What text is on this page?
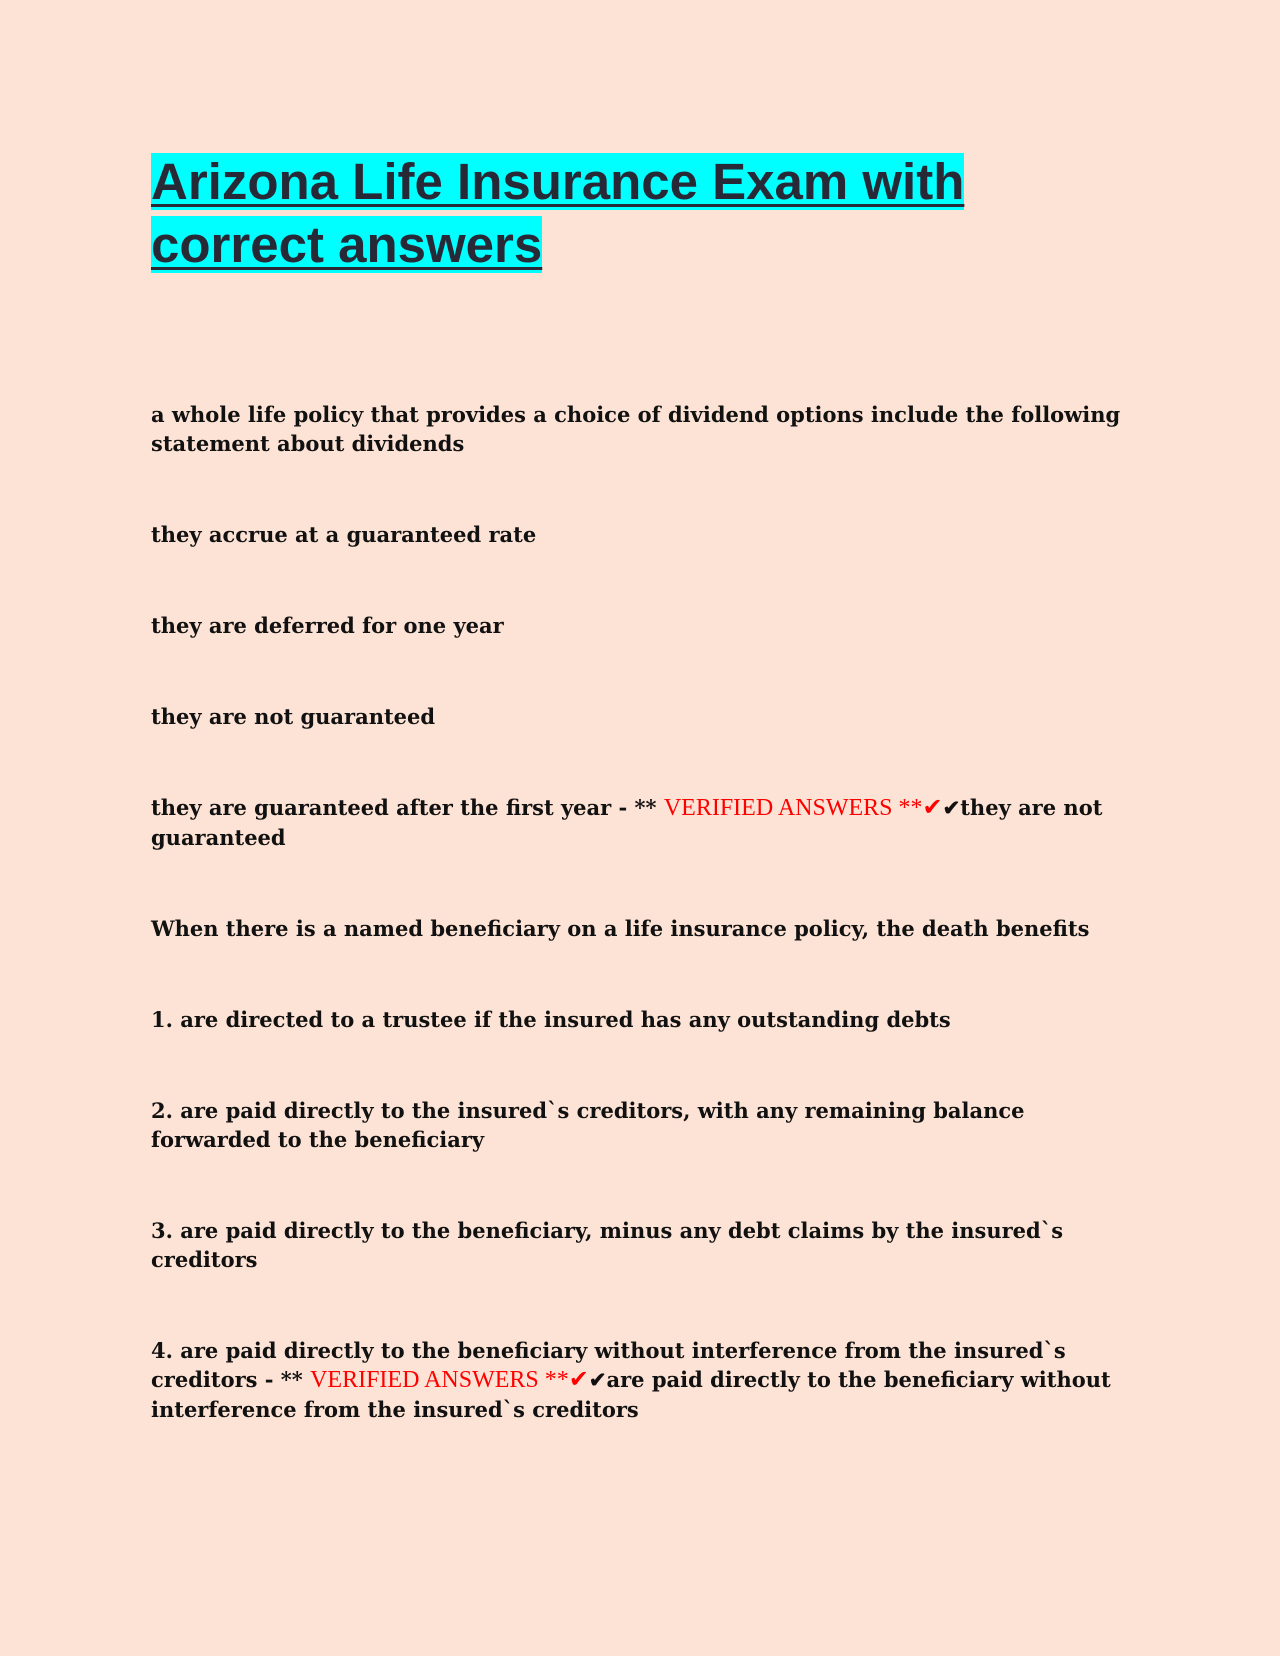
Arizona Life Insurance Exam with correct answers

a whole life policy that provides a choice of dividend options include the following statement about dividends

they accrue at a guaranteed rate

they are deferred for one year

they are not guaranteed

they are guaranteed after the first year - ** VERIFIED ANSWERS **✔✔they are not guaranteed

When there is a named beneficiary on a life insurance policy, the death benefits

1. are directed to a trustee if the insured has any outstanding debts

2. are paid directly to the insured`s creditors, with any remaining balance forwarded to the beneficiary

3. are paid directly to the beneficiary, minus any debt claims by the insured`s creditors

4. are paid directly to the beneficiary without interference from the insured`s creditors - ** VERIFIED ANSWERS **✔✔are paid directly to the beneficiary without interference from the insured`s creditors
